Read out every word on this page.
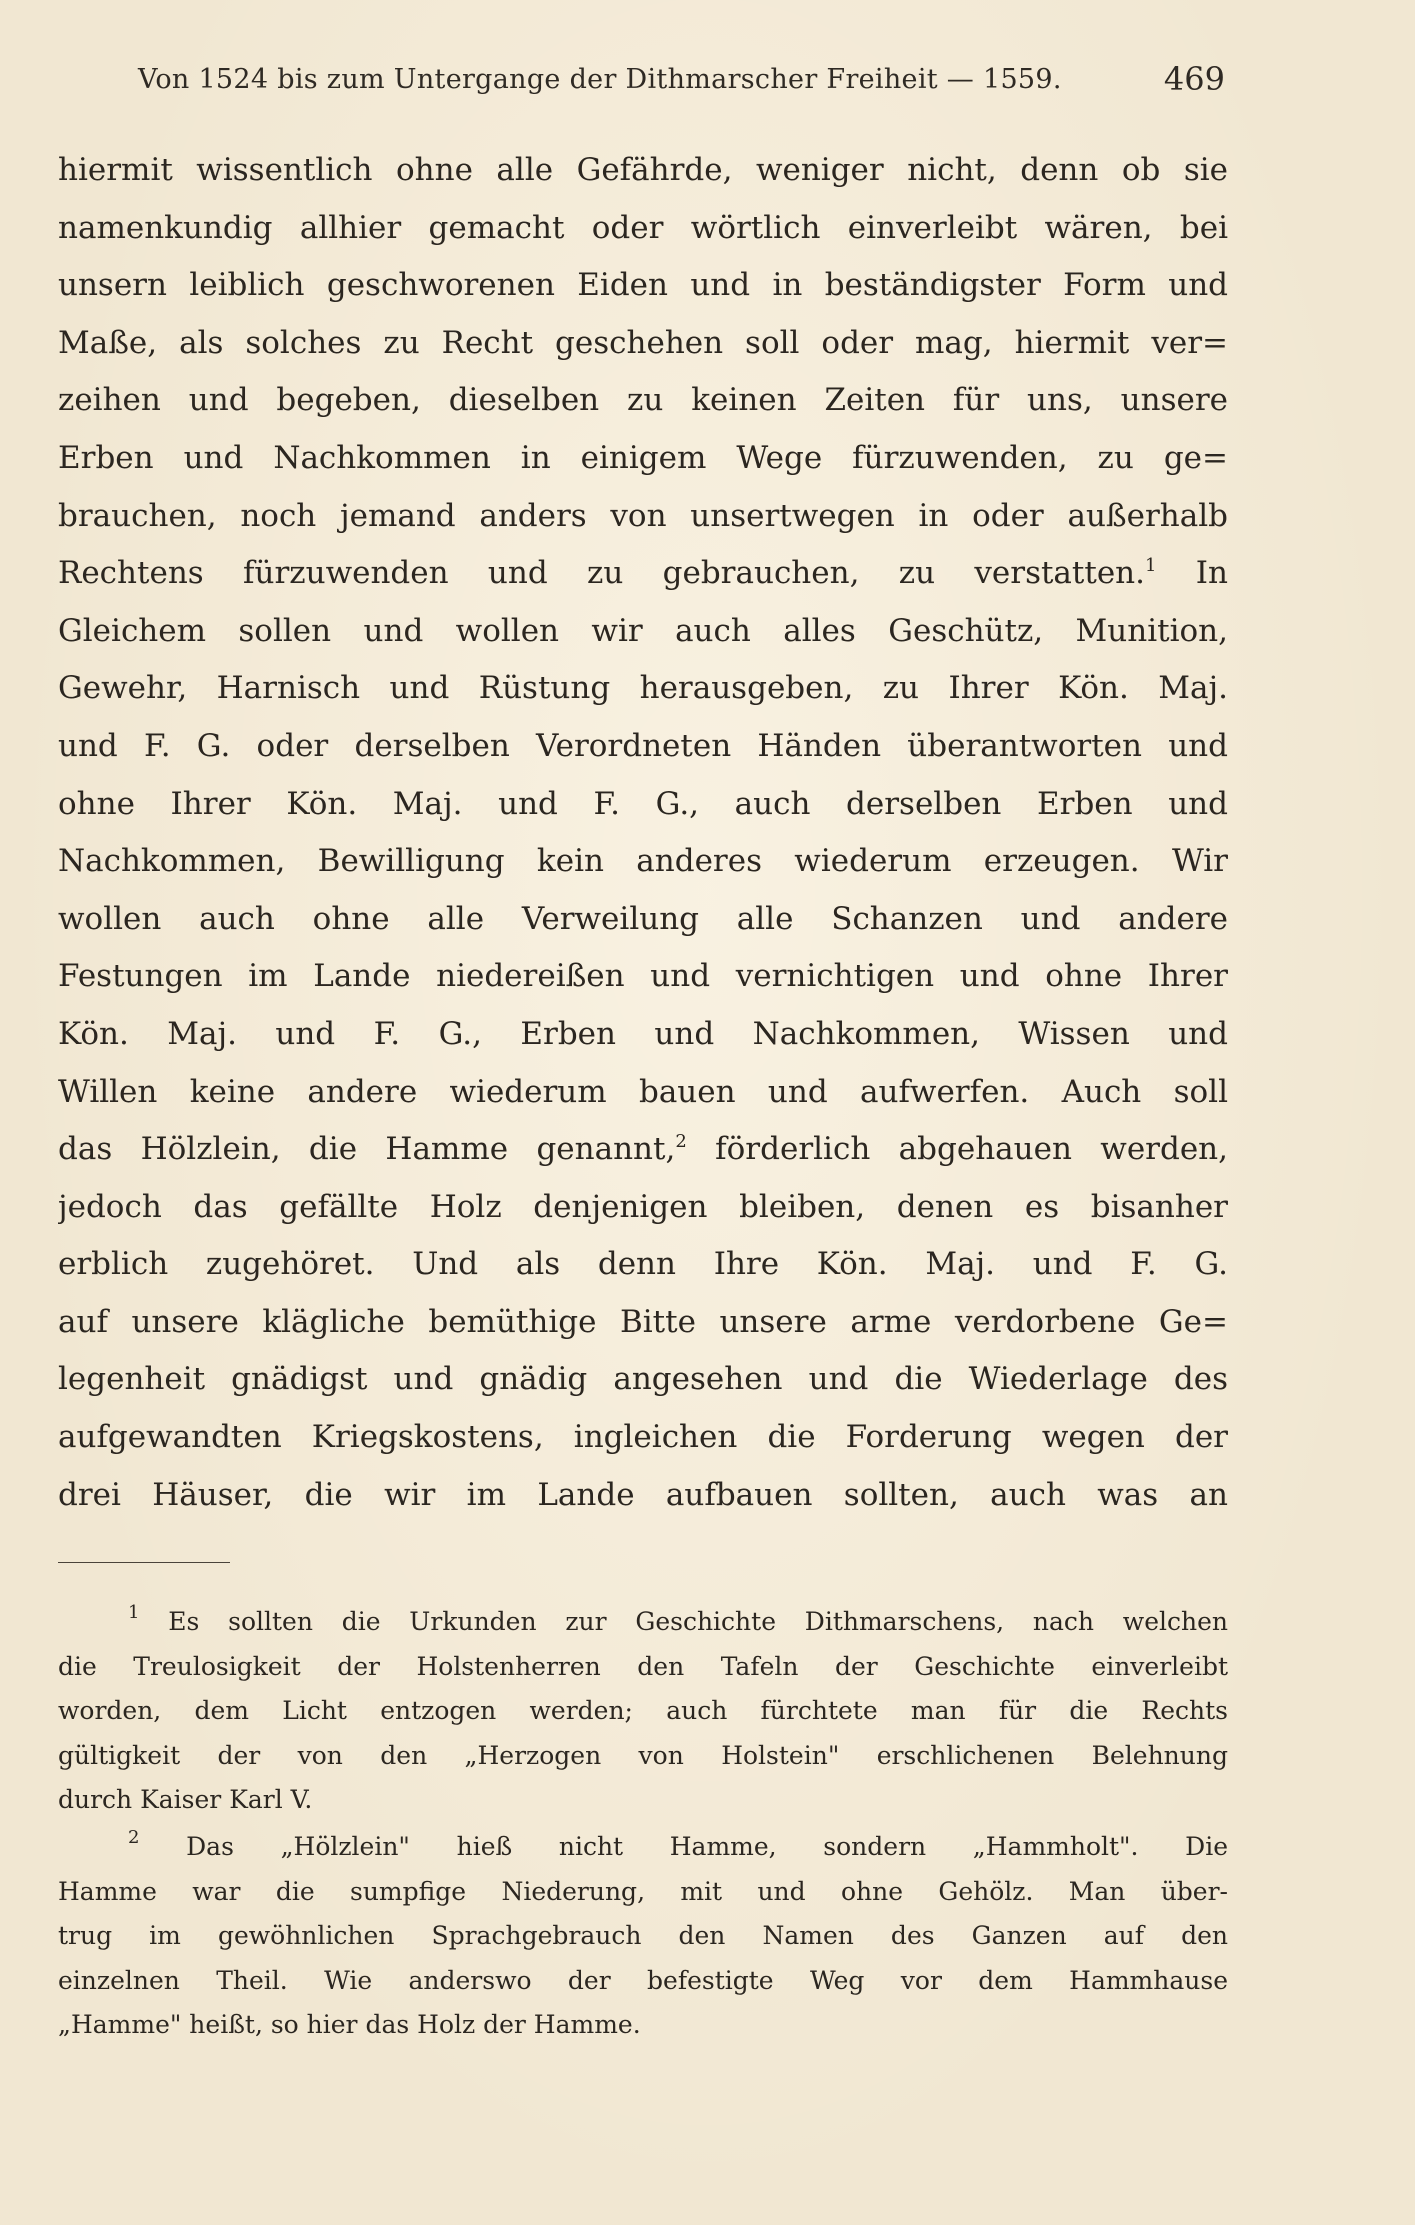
Von 1524 bis zum Untergange der Dithmarscher Freiheit — 1559.	469
hiermit wissentlich ohne alle Gefährde, weniger nicht, denn ob sie
namenkundig allhier gemacht oder wörtlich einverleibt wären, bei
unsern leiblich geschworenen Eiden und in beständigster Form und
Maße, als solches zu Recht geschehen soll oder mag, hiermit ver=
zeihen und begeben, dieselben zu keinen Zeiten für uns, unsere
Erben und Nachkommen in einigem Wege fürzuwenden, zu ge=
brauchen, noch jemand anders von unsertwegen in oder außerhalb
Rechtens fürzuwenden und zu gebrauchen, zu verstatten.$^1$ In
Gleichem sollen und wollen wir auch alles Geschütz, Munition,
Gewehr, Harnisch und Rüstung herausgeben, zu Ihrer Kön. Maj.
und F. G. oder derselben Verordneten Händen überantworten und
ohne Ihrer Kön. Maj. und F. G., auch derselben Erben und
Nachkommen, Bewilligung kein anderes wiederum erzeugen. Wir
wollen auch ohne alle Verweilung alle Schanzen und andere
Festungen im Lande niedereißen und vernichtigen und ohne Ihrer
Kön. Maj. und F. G., Erben und Nachkommen, Wissen und
Willen keine andere wiederum bauen und aufwerfen. Auch soll
das Hölzlein, die Hamme genannt,$^2$ förderlich abgehauen werden,
jedoch das gefällte Holz denjenigen bleiben, denen es bisanher
erblich zugehöret. Und als denn Ihre Kön. Maj. und F. G.
auf unsere klägliche bemüthige Bitte unsere arme verdorbene Ge=
legenheit gnädigst und gnädig angesehen und die Wiederlage des
aufgewandten Kriegskostens, ingleichen die Forderung wegen der
drei Häuser, die wir im Lande aufbauen sollten, auch was an
$^1$ Es sollten die Urkunden zur Geschichte Dithmarschens, nach welchen
die Treulosigkeit der Holstenherren den Tafeln der Geschichte einverleibt
worden, dem Licht entzogen werden; auch fürchtete man für die Rechts
gültigkeit der von den „Herzogen von Holstein" erschlichenen Belehnung
durch Kaiser Karl V.
$^2$ Das „Hölzlein" hieß nicht Hamme, sondern „Hammholt". Die
Hamme war die sumpfige Niederung, mit und ohne Gehölz. Man über-
trug im gewöhnlichen Sprachgebrauch den Namen des Ganzen auf den
einzelnen Theil. Wie anderswo der befestigte Weg vor dem Hammhause
„Hamme" heißt, so hier das Holz der Hamme.
